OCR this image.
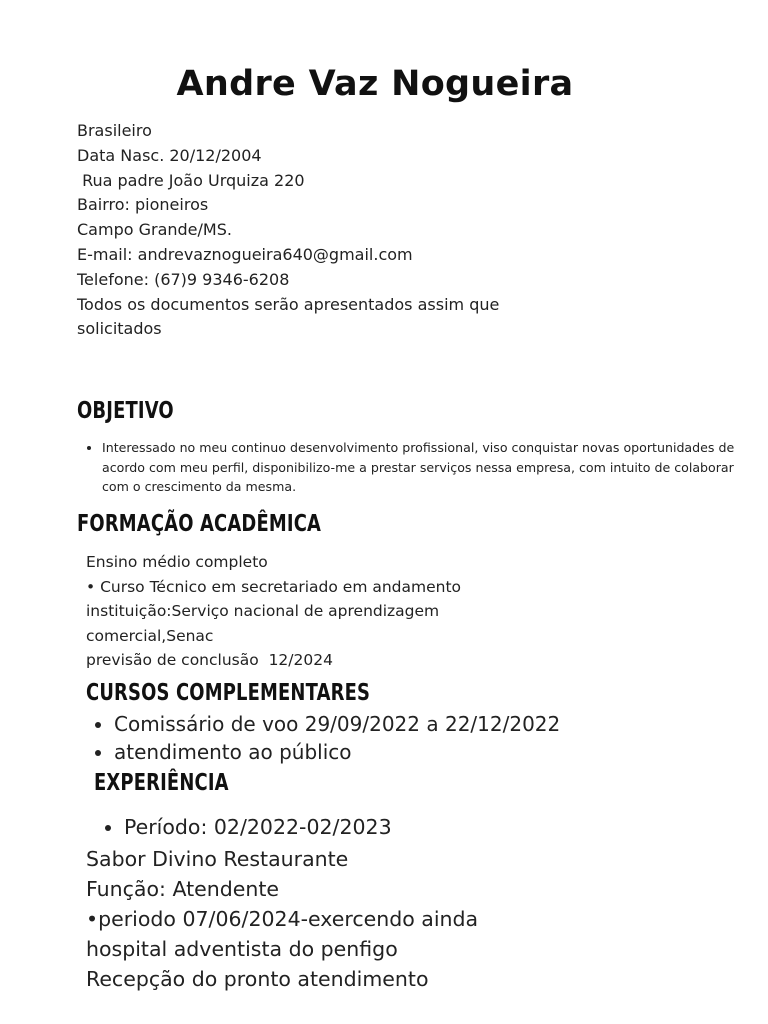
Andre Vaz Nogueira
Brasileiro
Data Nasc. 20/12/2004
Rua padre João Urquiza 220
Bairro: pioneiros
Campo Grande/MS.
E-mail: andrevaznogueira640@gmail.com
Telefone: (67)9 9346-6208
Todos os documentos serão apresentados assim que solicitados
OBJETIVO
• Interessado no meu continuo desenvolvimento profissional, viso conquistar novas oportunidades de acordo com meu perfil, disponibilizo-me a prestar serviços nessa empresa, com intuito de colaborar com o crescimento da mesma.
FORMAÇÃO ACADÊMICA
Ensino médio completo
• Curso Técnico em secretariado em andamento
instituição:Serviço nacional de aprendizagem
comercial,Senac
previsão de conclusão  12/2024
CURSOS COMPLEMENTARES
• Comissário de voo 29/09/2022 a 22/12/2022
• atendimento ao público
EXPERIÊNCIA
• Período: 02/2022-02/2023
Sabor Divino Restaurante
Função: Atendente
•periodo 07/06/2024-exercendo ainda
hospital adventista do penfigo
Recepção do pronto atendimento
